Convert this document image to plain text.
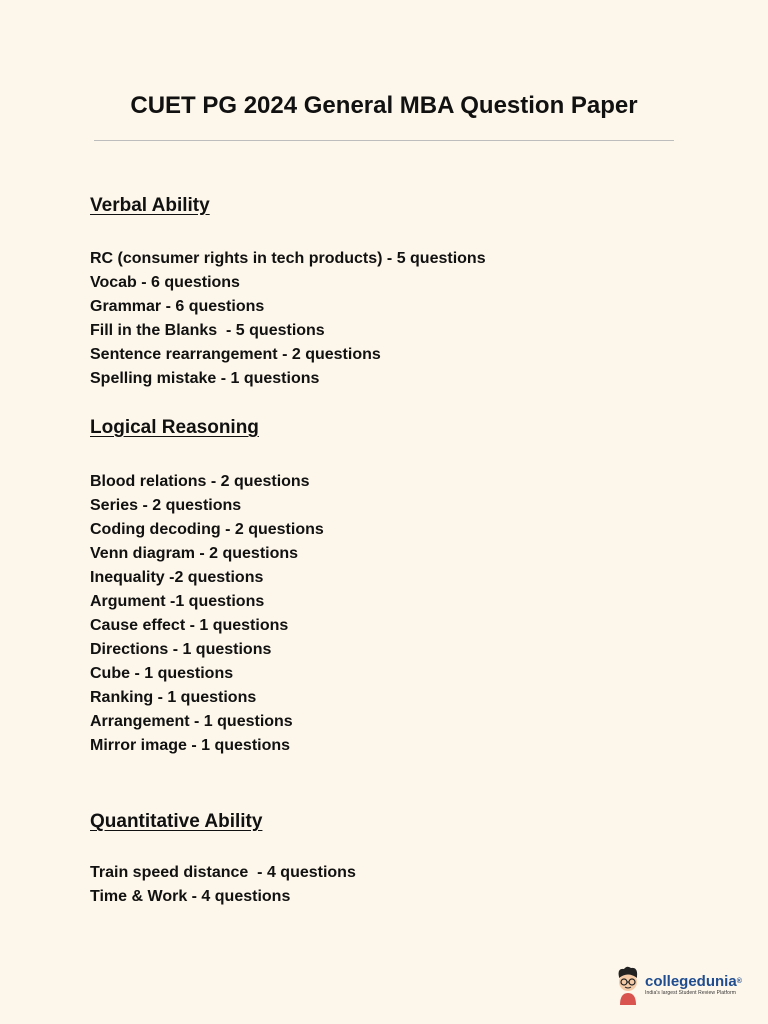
CUET PG 2024 General MBA Question Paper
Verbal Ability
RC (consumer rights in tech products) - 5 questions
Vocab - 6 questions
Grammar - 6 questions
Fill in the Blanks  - 5 questions
Sentence rearrangement - 2 questions
Spelling mistake - 1 questions
Logical Reasoning
Blood relations - 2 questions
Series - 2 questions
Coding decoding - 2 questions
Venn diagram - 2 questions
Inequality -2 questions
Argument -1 questions
Cause effect - 1 questions
Directions - 1 questions
Cube - 1 questions
Ranking - 1 questions
Arrangement - 1 questions
Mirror image - 1 questions
Quantitative Ability
Train speed distance  - 4 questions
Time & Work - 4 questions
collegedunia®
India's largest Student Review Platform
